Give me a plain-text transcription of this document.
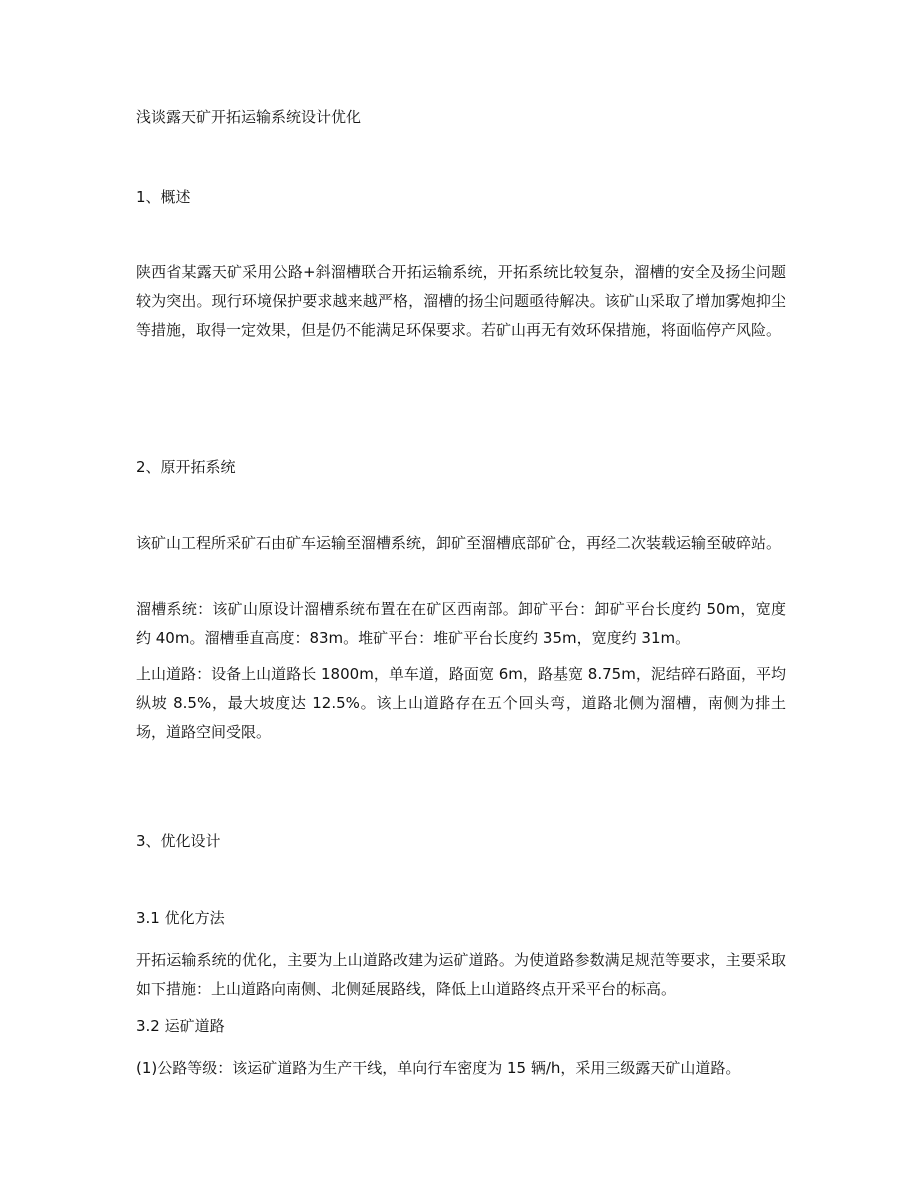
浅谈露天矿开拓运输系统设计优化

1、概述

陕西省某露天矿采用公路+斜溜槽联合开拓运输系统，开拓系统比较复杂，溜槽的安全及扬尘问题较为突出。现行环境保护要求越来越严格，溜槽的扬尘问题亟待解决。该矿山采取了增加雾炮抑尘等措施，取得一定效果，但是仍不能满足环保要求。若矿山再无有效环保措施，将面临停产风险。

2、原开拓系统

该矿山工程所采矿石由矿车运输至溜槽系统，卸矿至溜槽底部矿仓，再经二次装载运输至破碎站。

溜槽系统：该矿山原设计溜槽系统布置在在矿区西南部。卸矿平台：卸矿平台长度约 50m，宽度约 40m。溜槽垂直高度：83m。堆矿平台：堆矿平台长度约 35m，宽度约 31m。

上山道路：设备上山道路长 1800m，单车道，路面宽 6m，路基宽 8.75m，泥结碎石路面，平均纵坡 8.5%，最大坡度达 12.5%。该上山道路存在五个回头弯，道路北侧为溜槽，南侧为排土场，道路空间受限。

3、优化设计

3.1 优化方法

开拓运输系统的优化，主要为上山道路改建为运矿道路。为使道路参数满足规范等要求，主要采取如下措施：上山道路向南侧、北侧延展路线，降低上山道路终点开采平台的标高。

3.2 运矿道路

(1)公路等级：该运矿道路为生产干线，单向行车密度为 15 辆/h，采用三级露天矿山道路。
